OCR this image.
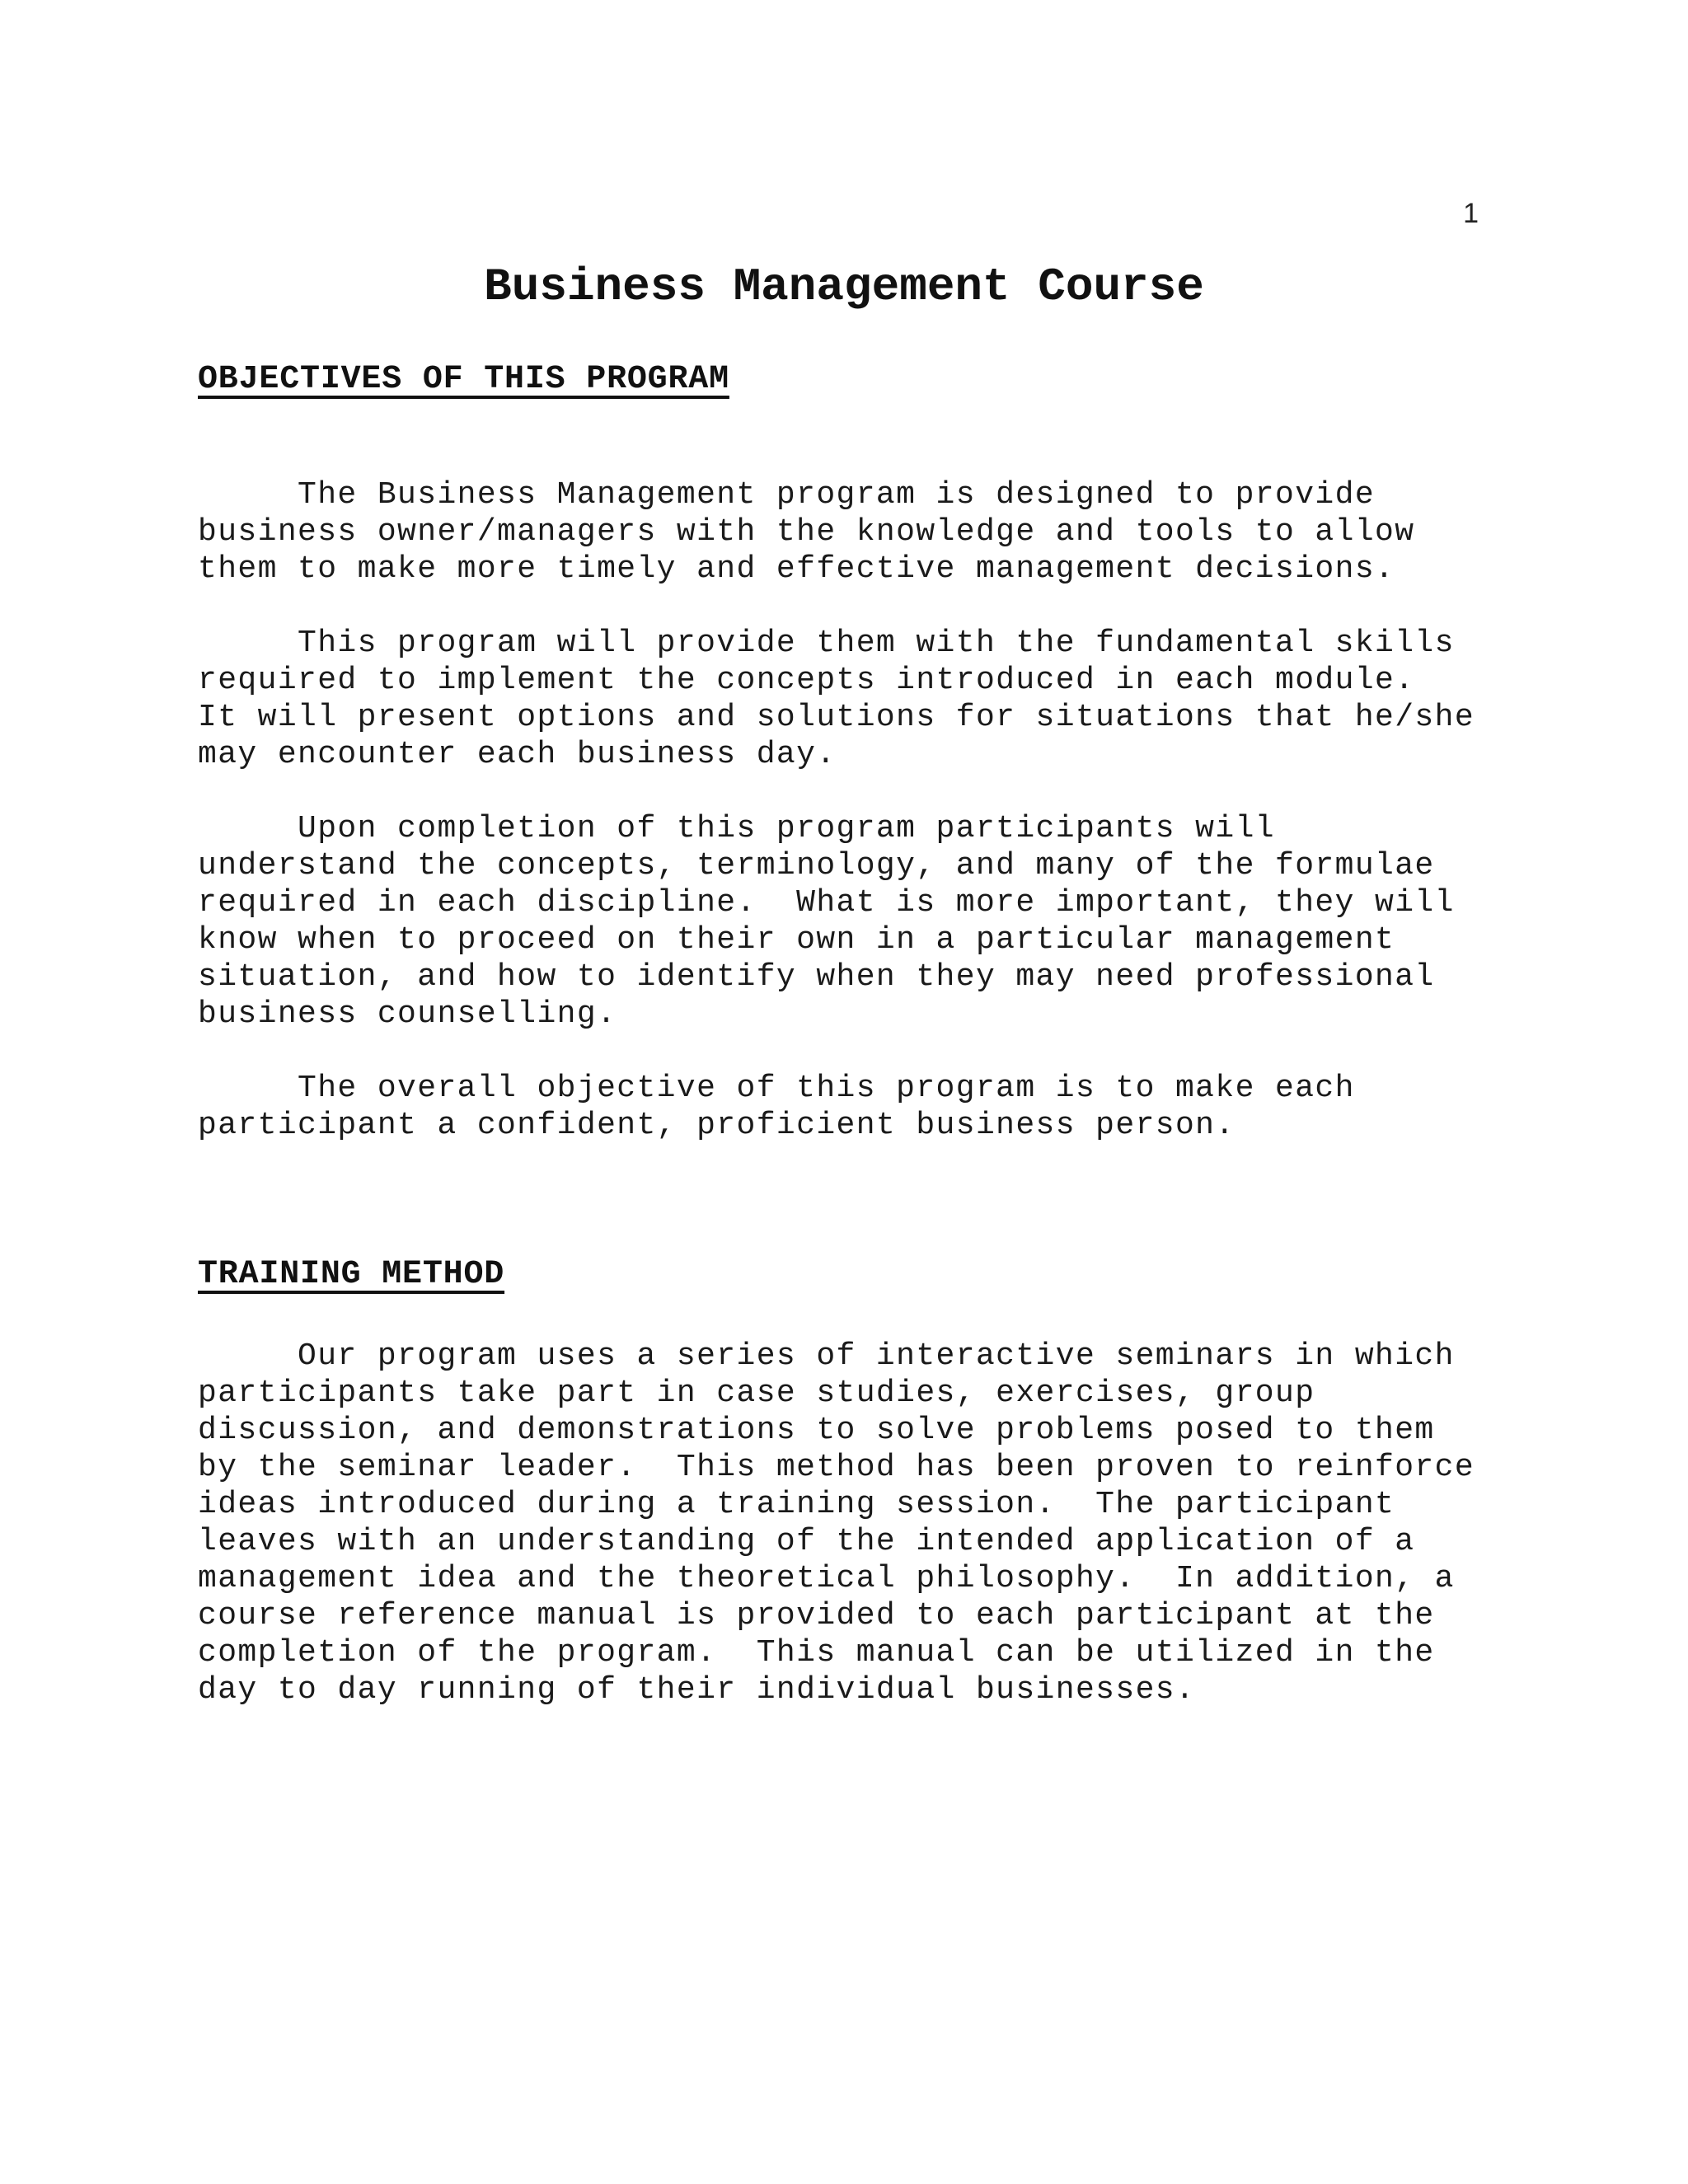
1
Business Management Course
OBJECTIVES OF THIS PROGRAM

The Business Management program is designed to provide
business owner/managers with the knowledge and tools to allow
them to make more timely and effective management decisions.

This program will provide them with the fundamental skills
required to implement the concepts introduced in each module.
It will present options and solutions for situations that he/she
may encounter each business day.

Upon completion of this program participants will
understand the concepts, terminology, and many of the formulae
required in each discipline.  What is more important, they will
know when to proceed on their own in a particular management
situation, and how to identify when they may need professional
business counselling.

The overall objective of this program is to make each
participant a confident, proficient business person.

TRAINING METHOD

Our program uses a series of interactive seminars in which
participants take part in case studies, exercises, group
discussion, and demonstrations to solve problems posed to them
by the seminar leader.  This method has been proven to reinforce
ideas introduced during a training session.  The participant
leaves with an understanding of the intended application of a
management idea and the theoretical philosophy.  In addition, a
course reference manual is provided to each participant at the
completion of the program.  This manual can be utilized in the
day to day running of their individual businesses.
